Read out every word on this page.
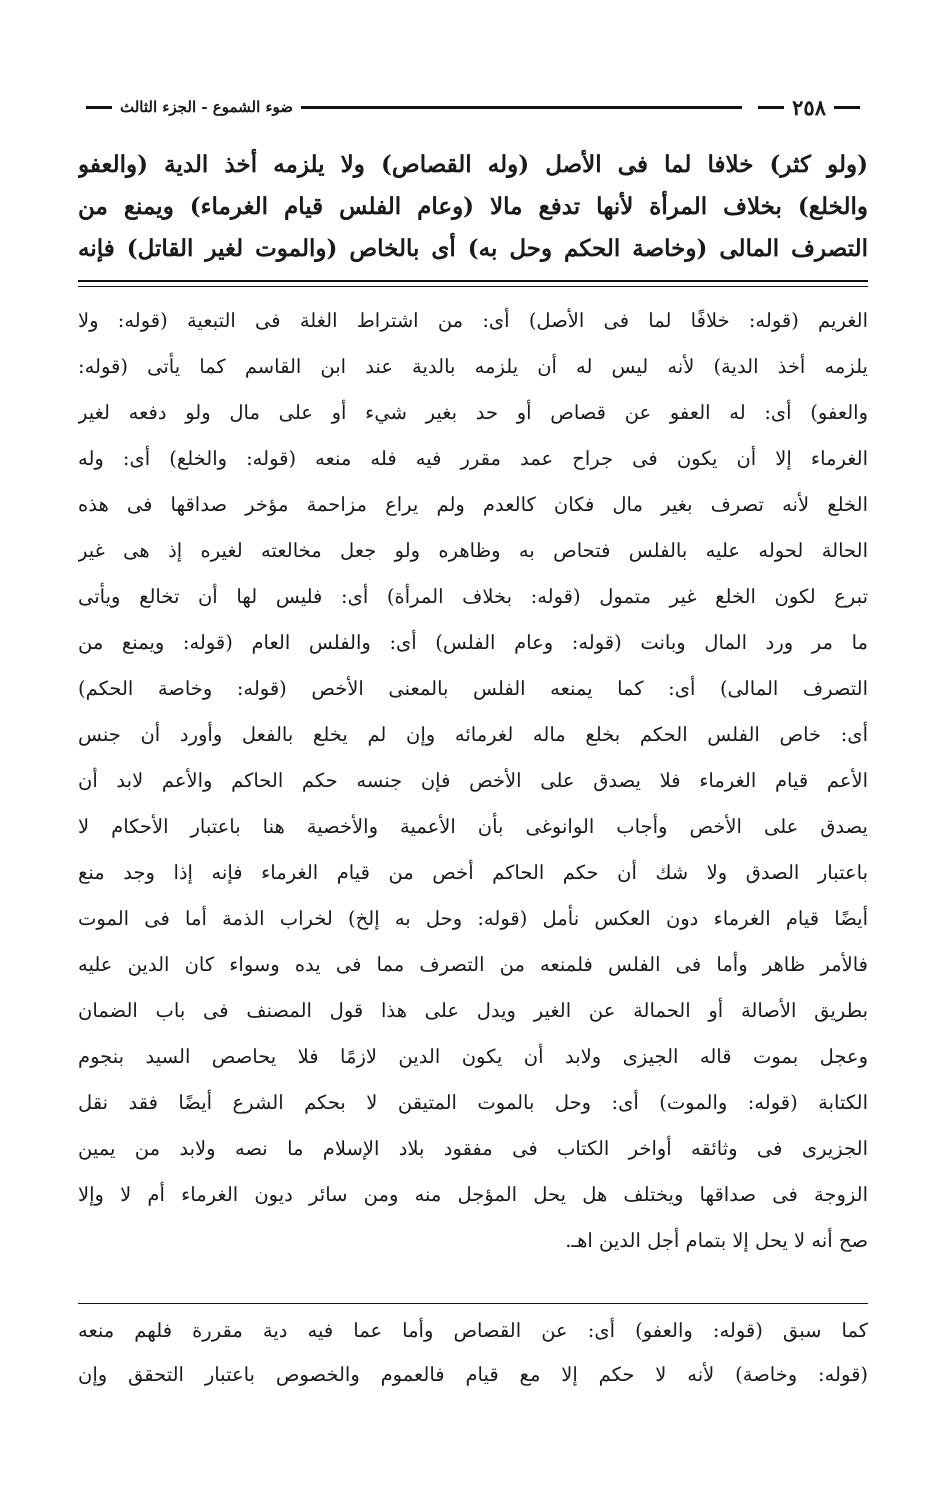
٢٥٨
ضوء الشموع - الجزء الثالث
(ولو كثر) خلافا لما فى الأصل (وله القصاص) ولا يلزمه أخذ الدية (والعفو
والخلع) بخلاف المرأة لأنها تدفع مالا (وعام الفلس قيام الغرماء) ويمنع من
التصرف المالى (وخاصة الحكم وحل به) أى بالخاص (والموت لغير القاتل) فإنه
الغريم (قوله: خلافًا لما فى الأصل) أى: من اشتراط الغلة فى التبعية (قوله: ولا
يلزمه أخذ الدية) لأنه ليس له أن يلزمه بالدية عند ابن القاسم كما يأتى (قوله:
والعفو) أى: له العفو عن قصاص أو حد بغير شيء أو على مال ولو دفعه لغير
الغرماء إلا أن يكون فى جراح عمد مقرر فيه فله منعه (قوله: والخلع) أى: وله
الخلع لأنه تصرف بغير مال فكان كالعدم ولم يراع مزاحمة مؤخر صداقها فى هذه
الحالة لحوله عليه بالفلس فتحاص به وظاهره ولو جعل مخالعته لغيره إذ هى غير
تبرع لكون الخلع غير متمول (قوله: بخلاف المرأة) أى: فليس لها أن تخالع ويأتى
ما مر ورد المال وبانت (قوله: وعام الفلس) أى: والفلس العام (قوله: ويمنع من
التصرف المالى) أى: كما يمنعه الفلس بالمعنى الأخص (قوله: وخاصة الحكم)
أى: خاص الفلس الحكم بخلع ماله لغرمائه وإن لم يخلع بالفعل وأورد أن جنس
الأعم قيام الغرماء فلا يصدق على الأخص فإن جنسه حكم الحاكم والأعم لابد أن
يصدق على الأخص وأجاب الوانوغى بأن الأعمية والأخصية هنا باعتبار الأحكام لا
باعتبار الصدق ولا شك أن حكم الحاكم أخص من قيام الغرماء فإنه إذا وجد منع
أيضًا قيام الغرماء دون العكس نأمل (قوله: وحل به إلخ) لخراب الذمة أما فى الموت
فالأمر ظاهر وأما فى الفلس فلمنعه من التصرف مما فى يده وسواء كان الدين عليه
بطريق الأصالة أو الحمالة عن الغير ويدل على هذا قول المصنف فى باب الضمان
وعجل بموت قاله الجيزى ولابد أن يكون الدين لازمًا فلا يحاصص السيد بنجوم
الكتابة (قوله: والموت) أى: وحل بالموت المتيقن لا بحكم الشرع أيضًا فقد نقل
الجزيرى فى وثائقه أواخر الكتاب فى مفقود بلاد الإسلام ما نصه ولابد من يمين
الزوجة فى صداقها ويختلف هل يحل المؤجل منه ومن سائر ديون الغرماء أم لا وإلا
صح أنه لا يحل إلا بتمام أجل الدين اهـ.
كما سبق (قوله: والعفو) أى: عن القصاص وأما عما فيه دية مقررة فلهم منعه
(قوله: وخاصة) لأنه لا حكم إلا مع قيام فالعموم والخصوص باعتبار التحقق وإن
